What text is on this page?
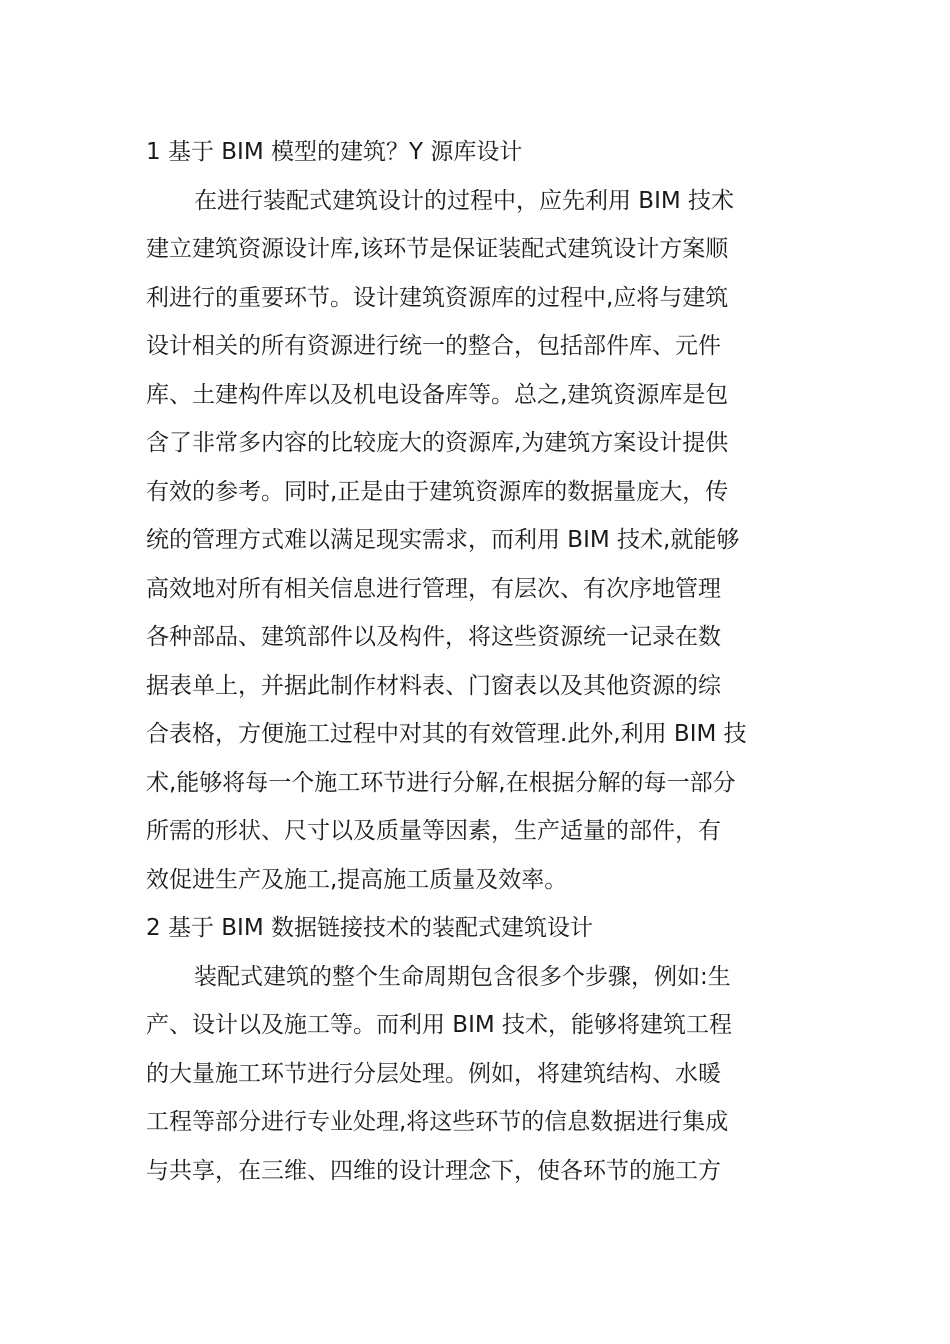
1 基于 BIM 模型的建筑？Y 源库设计

在进行装配式建筑设计的过程中，应先利用 BIM 技术
建立建筑资源设计库,该环节是保证装配式建筑设计方案顺
利进行的重要环节。设计建筑资源库的过程中,应将与建筑
设计相关的所有资源进行统一的整合，包括部件库、元件
库、土建构件库以及机电设备库等。总之,建筑资源库是包
含了非常多内容的比较庞大的资源库,为建筑方案设计提供
有效的参考。同时,正是由于建筑资源库的数据量庞大，传
统的管理方式难以满足现实需求，而利用 BIM 技术,就能够
高效地对所有相关信息进行管理，有层次、有次序地管理
各种部品、建筑部件以及构件，将这些资源统一记录在数
据表单上，并据此制作材料表、门窗表以及其他资源的综
合表格，方便施工过程中对其的有效管理.此外,利用 BIM 技
术,能够将每一个施工环节进行分解,在根据分解的每一部分
所需的形状、尺寸以及质量等因素，生产适量的部件，有
效促进生产及施工,提高施工质量及效率。

2 基于 BIM 数据链接技术的装配式建筑设计

装配式建筑的整个生命周期包含很多个步骤，例如:生
产、设计以及施工等。而利用 BIM 技术，能够将建筑工程
的大量施工环节进行分层处理。例如，将建筑结构、水暖
工程等部分进行专业处理,将这些环节的信息数据进行集成
与共享，在三维、四维的设计理念下，使各环节的施工方
